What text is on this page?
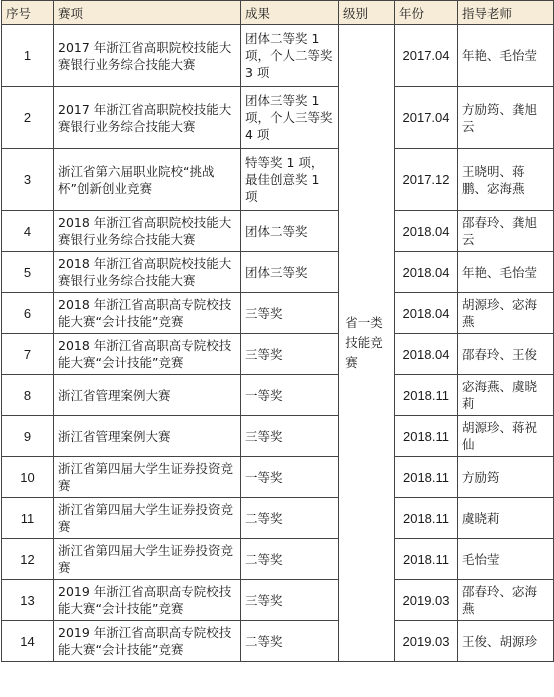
序号	赛项	成果	级别	年份	指导老师
1	2017 年浙江省高职院校技能大赛银行业务综合技能大赛	团体二等奖 1项，个人二等奖 3 项	省一类技能竞赛	2017.04	年艳、毛怡莹
2	2017 年浙江省高职院校技能大赛银行业务综合技能大赛	团体三等奖 1项，个人三等奖 4 项		2017.04	方励筠、龚旭云
3	浙江省第六届职业院校“挑战杯”创新创业竞赛	特等奖 1 项，最佳创意奖 1 项		2017.12	王晓明、蒋鹏、宓海燕
4	2018 年浙江省高职院校技能大赛银行业务综合技能大赛	团体二等奖		2018.04	邵春玲、龚旭云
5	2018 年浙江省高职院校技能大赛银行业务综合技能大赛	团体三等奖		2018.04	年艳、毛怡莹
6	2018 年浙江省高职高专院校技能大赛“会计技能”竞赛	三等奖		2018.04	胡源珍、宓海燕
7	2018 年浙江省高职高专院校技能大赛“会计技能”竞赛	三等奖		2018.04	邵春玲、王俊
8	浙江省管理案例大赛	一等奖		2018.11	宓海燕、虞晓莉
9	浙江省管理案例大赛	三等奖		2018.11	胡源珍、蒋祝仙
10	浙江省第四届大学生证券投资竞赛	一等奖		2018.11	方励筠
11	浙江省第四届大学生证券投资竞赛	二等奖		2018.11	虞晓莉
12	浙江省第四届大学生证券投资竞赛	二等奖		2018.11	毛怡莹
13	2019 年浙江省高职高专院校技能大赛“会计技能”竞赛	三等奖		2019.03	邵春玲、宓海燕
14	2019 年浙江省高职高专院校技能大赛“会计技能”竞赛	二等奖		2019.03	王俊、胡源珍
